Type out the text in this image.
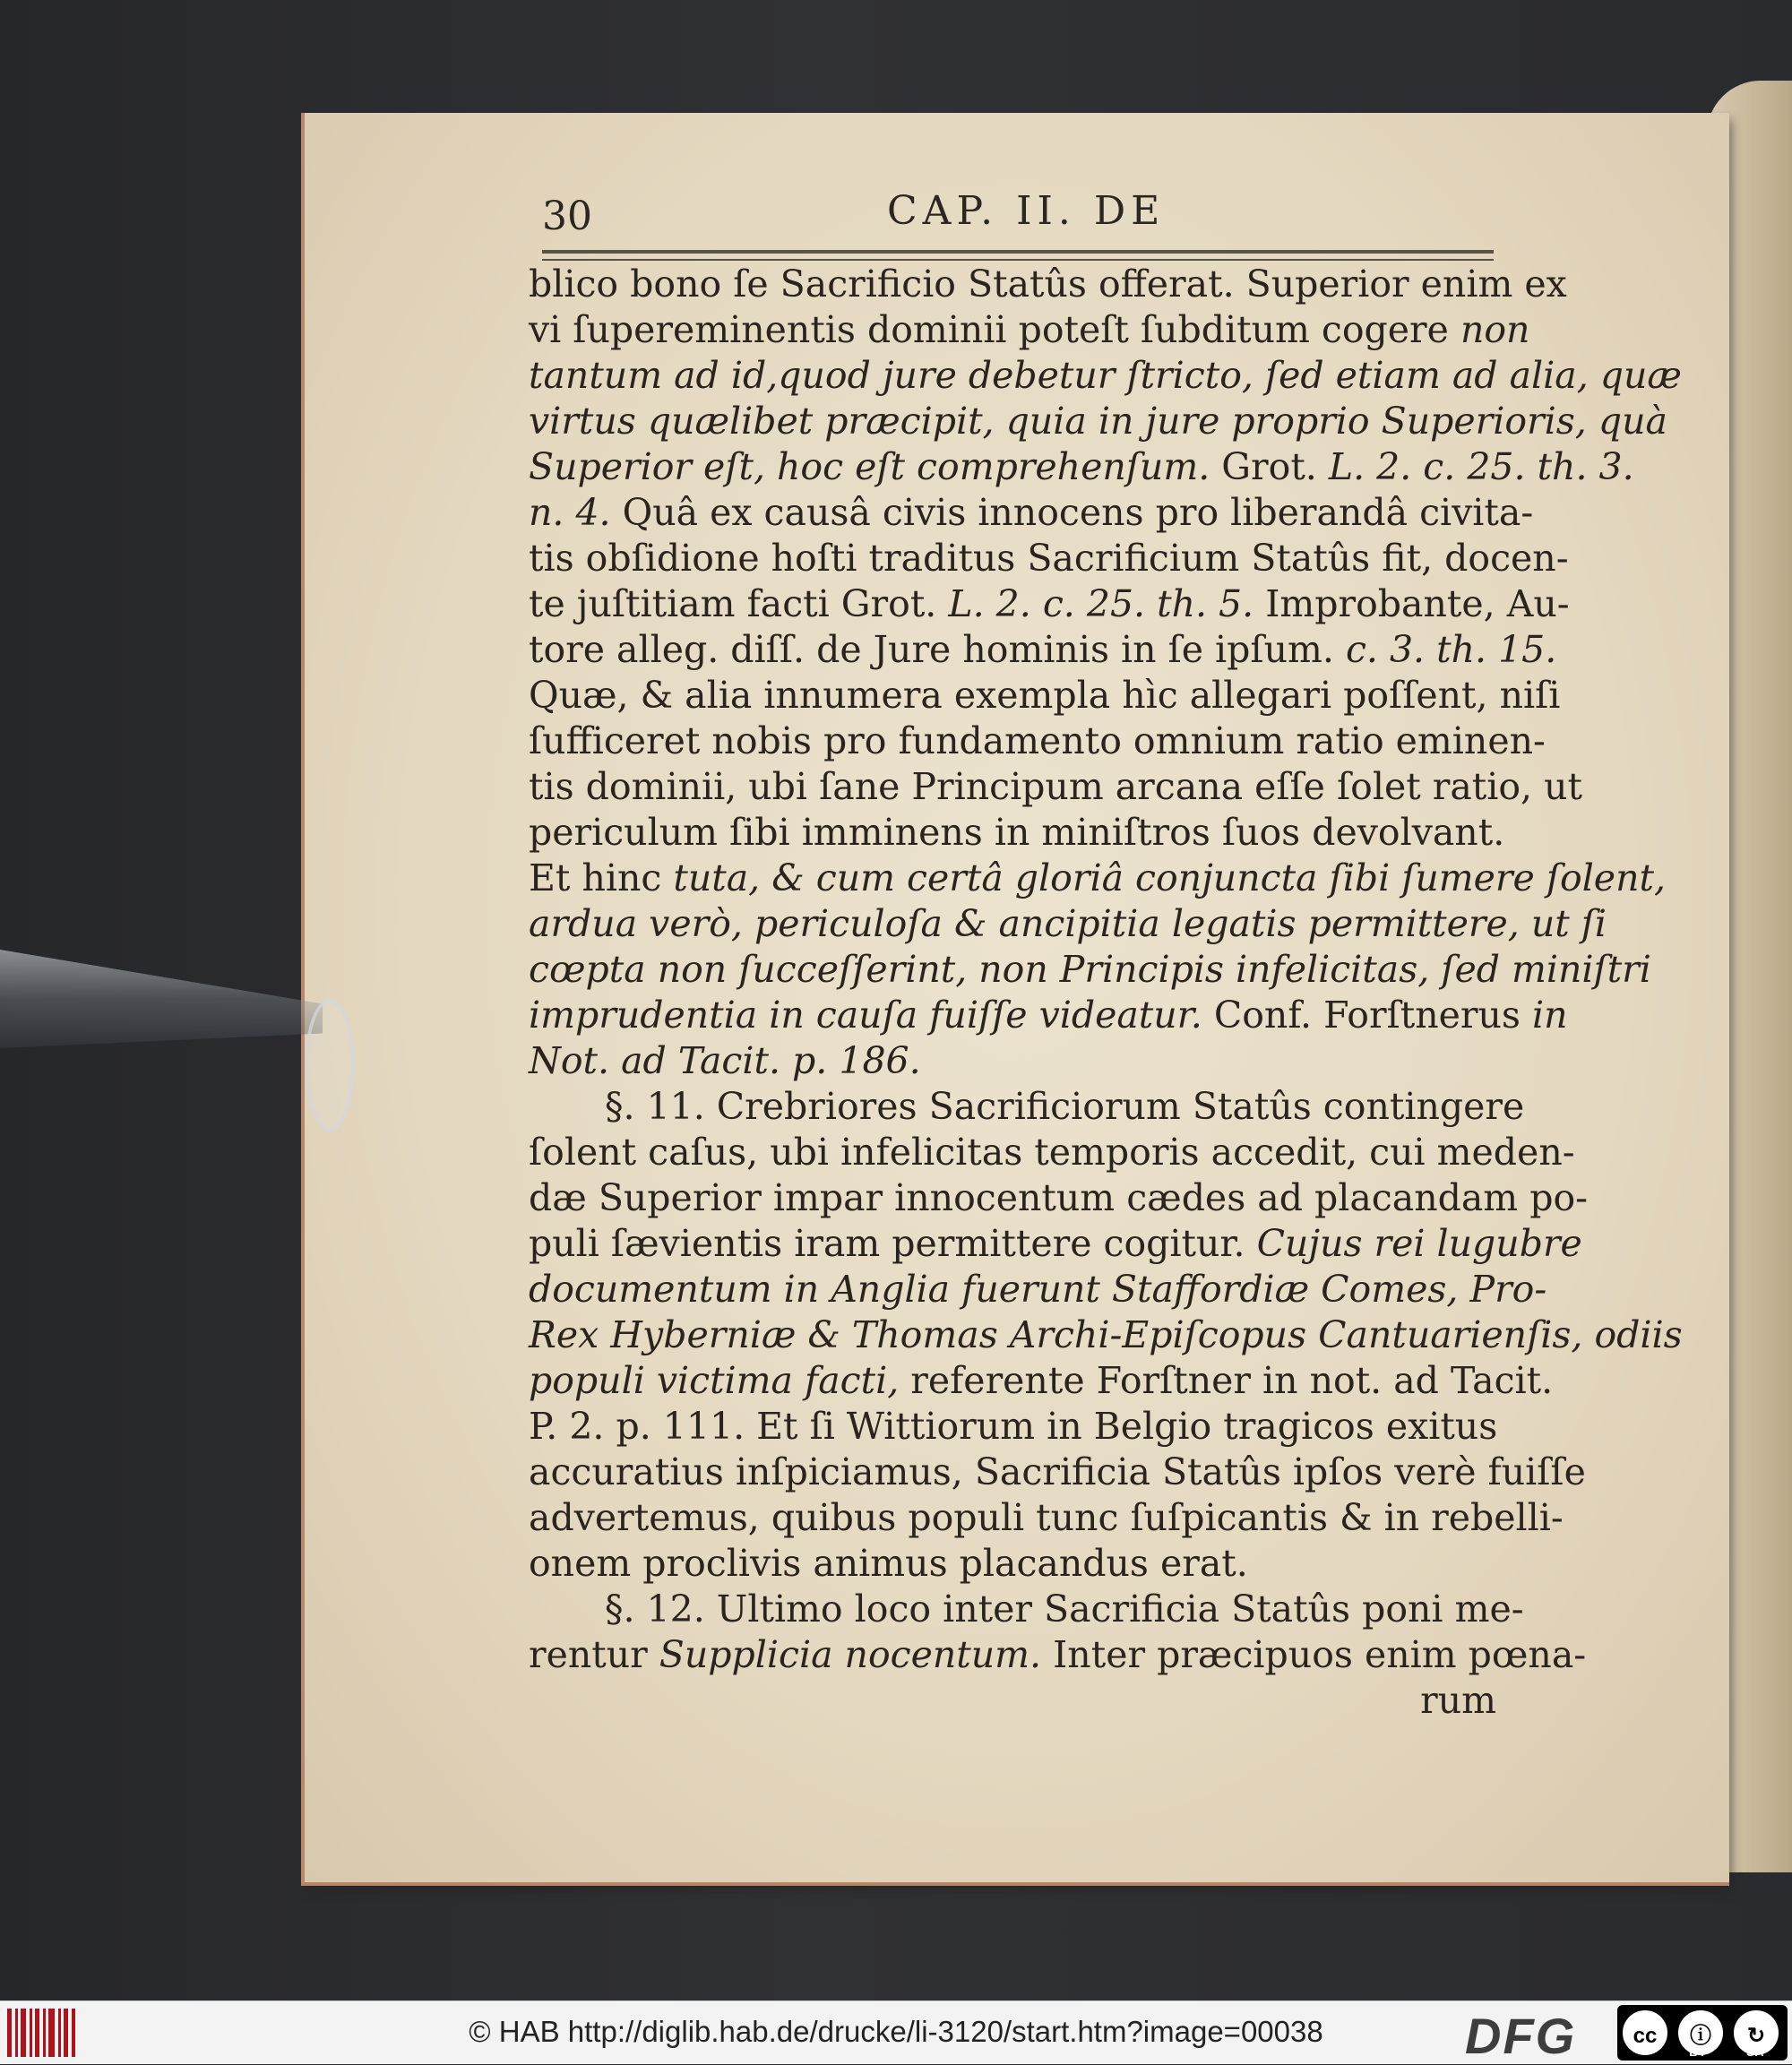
30	CAP. II. DE
blico bono ſe Sacrificio Statûs offerat. Superior enim ex
vi ſupereminentis dominii poteſt ſubditum cogere non
tantum ad id,quod jure debetur ſtricto, ſed etiam ad alia, quæ
virtus quælibet præcipit, quia in jure proprio Superioris, quà
Superior eſt, hoc eſt comprehenſum. Grot. L. 2. c. 25. th. 3.
n. 4. Quâ ex causâ civis innocens pro liberandâ civita-
tis obſidione hoſti traditus Sacrificium Statûs fit, docen-
te juſtitiam facti Grot. L. 2. c. 25. th. 5. Improbante, Au-
tore alleg. diſſ. de Jure hominis in ſe ipſum. c. 3. th. 15.
Quæ, & alia innumera exempla hìc allegari poſſent, niſi
ſufficeret nobis pro fundamento omnium ratio eminen-
tis dominii, ubi ſane Principum arcana eſſe ſolet ratio, ut
periculum ſibi imminens in miniſtros ſuos devolvant.
Et hinc tuta, & cum certâ gloriâ conjuncta ſibi ſumere ſolent,
ardua verò, periculoſa & ancipitia legatis permittere, ut ſi
cœpta non ſucceſſerint, non Principis infelicitas, ſed miniſtri
imprudentia in cauſa fuiſſe videatur. Conf. Forſtnerus in
Not. ad Tacit. p. 186.
§. 11. Crebriores Sacrificiorum Statûs contingere
ſolent caſus, ubi infelicitas temporis accedit, cui meden-
dæ Superior impar innocentum cædes ad placandam po-
puli ſævientis iram permittere cogitur. Cujus rei lugubre
documentum in Anglia fuerunt Staffordiæ Comes, Pro-
Rex Hyberniæ & Thomas Archi-Epiſcopus Cantuarienſis, odiis
populi victima facti, referente Forſtner in not. ad Tacit.
P. 2. p. 111. Et ſi Wittiorum in Belgio tragicos exitus
accuratius inſpiciamus, Sacrificia Statûs ipſos verè fuiſſe
advertemus, quibus populi tunc ſuſpicantis & in rebelli-
onem proclivis animus placandus erat.
§. 12. Ultimo loco inter Sacrificia Statûs poni me-
rentur Supplicia nocentum. Inter præcipuos enim pœna-
rum
© HAB http://diglib.hab.de/drucke/li-3120/start.htm?image=00038	DFG	cc	ⓘ	↻
BY	SA
